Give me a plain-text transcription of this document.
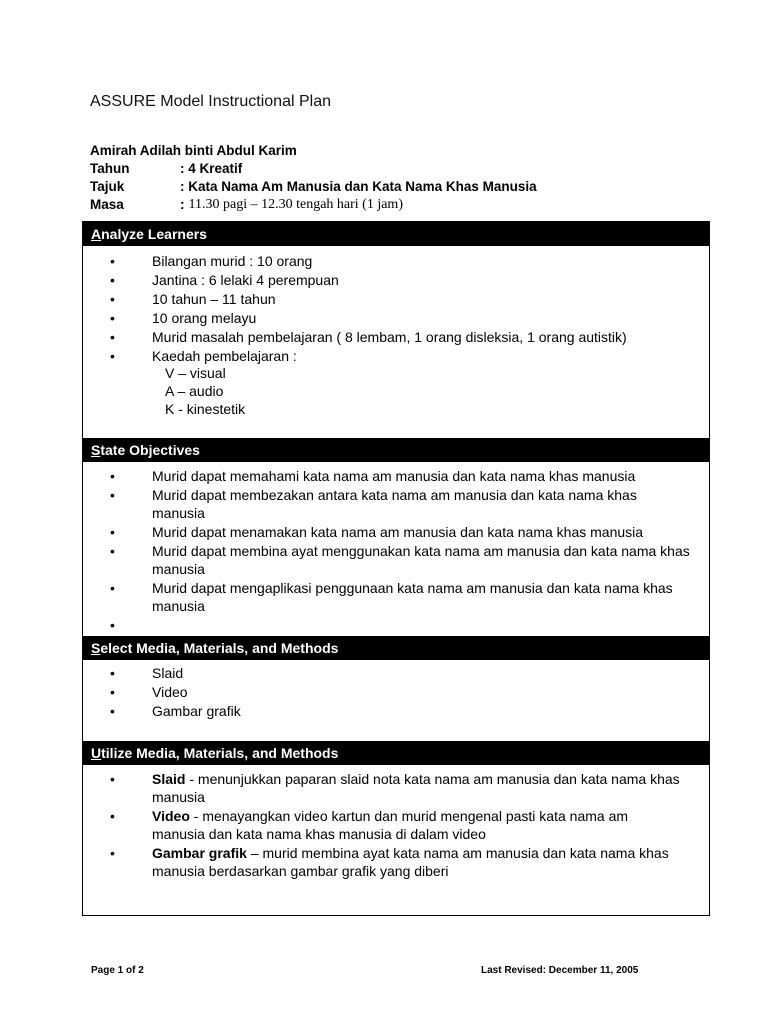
ASSURE Model Instructional Plan
Amirah Adilah binti Abdul Karim
Tahun	: 4 Kreatif
Tajuk	: Kata Nama Am Manusia dan Kata Nama Khas Manusia
Masa	: 11.30 pagi – 12.30 tengah hari (1 jam)
Analyze Learners
•	Bilangan murid : 10 orang
•	Jantina : 6 lelaki 4 perempuan
•	10 tahun – 11 tahun
•	10 orang melayu
•	Murid masalah pembelajaran ( 8 lembam, 1 orang disleksia, 1 orang autistik)
•	Kaedah pembelajaran :
V – visual
A – audio
K - kinestetik
State Objectives
•	Murid dapat memahami kata nama am manusia dan kata nama khas manusia
•	Murid dapat membezakan antara kata nama am manusia dan kata nama khas manusia
•	Murid dapat menamakan kata nama am manusia dan kata nama khas manusia
•	Murid dapat membina ayat menggunakan kata nama am manusia dan kata nama khas manusia
•	Murid dapat mengaplikasi penggunaan kata nama am manusia dan kata nama khas manusia
•

Select Media, Materials, and Methods
•	Slaid
•	Video
•	Gambar grafik
Utilize Media, Materials, and Methods
•	Slaid - menunjukkan paparan slaid nota kata nama am manusia dan kata nama khas manusia
•	Video - menayangkan video kartun dan murid mengenal pasti kata nama am manusia dan kata nama khas manusia di dalam video
•	Gambar grafik – murid membina ayat kata nama am manusia dan kata nama khas manusia berdasarkan gambar grafik yang diberi
Page 1 of 2	Last Revised: December 11, 2005
